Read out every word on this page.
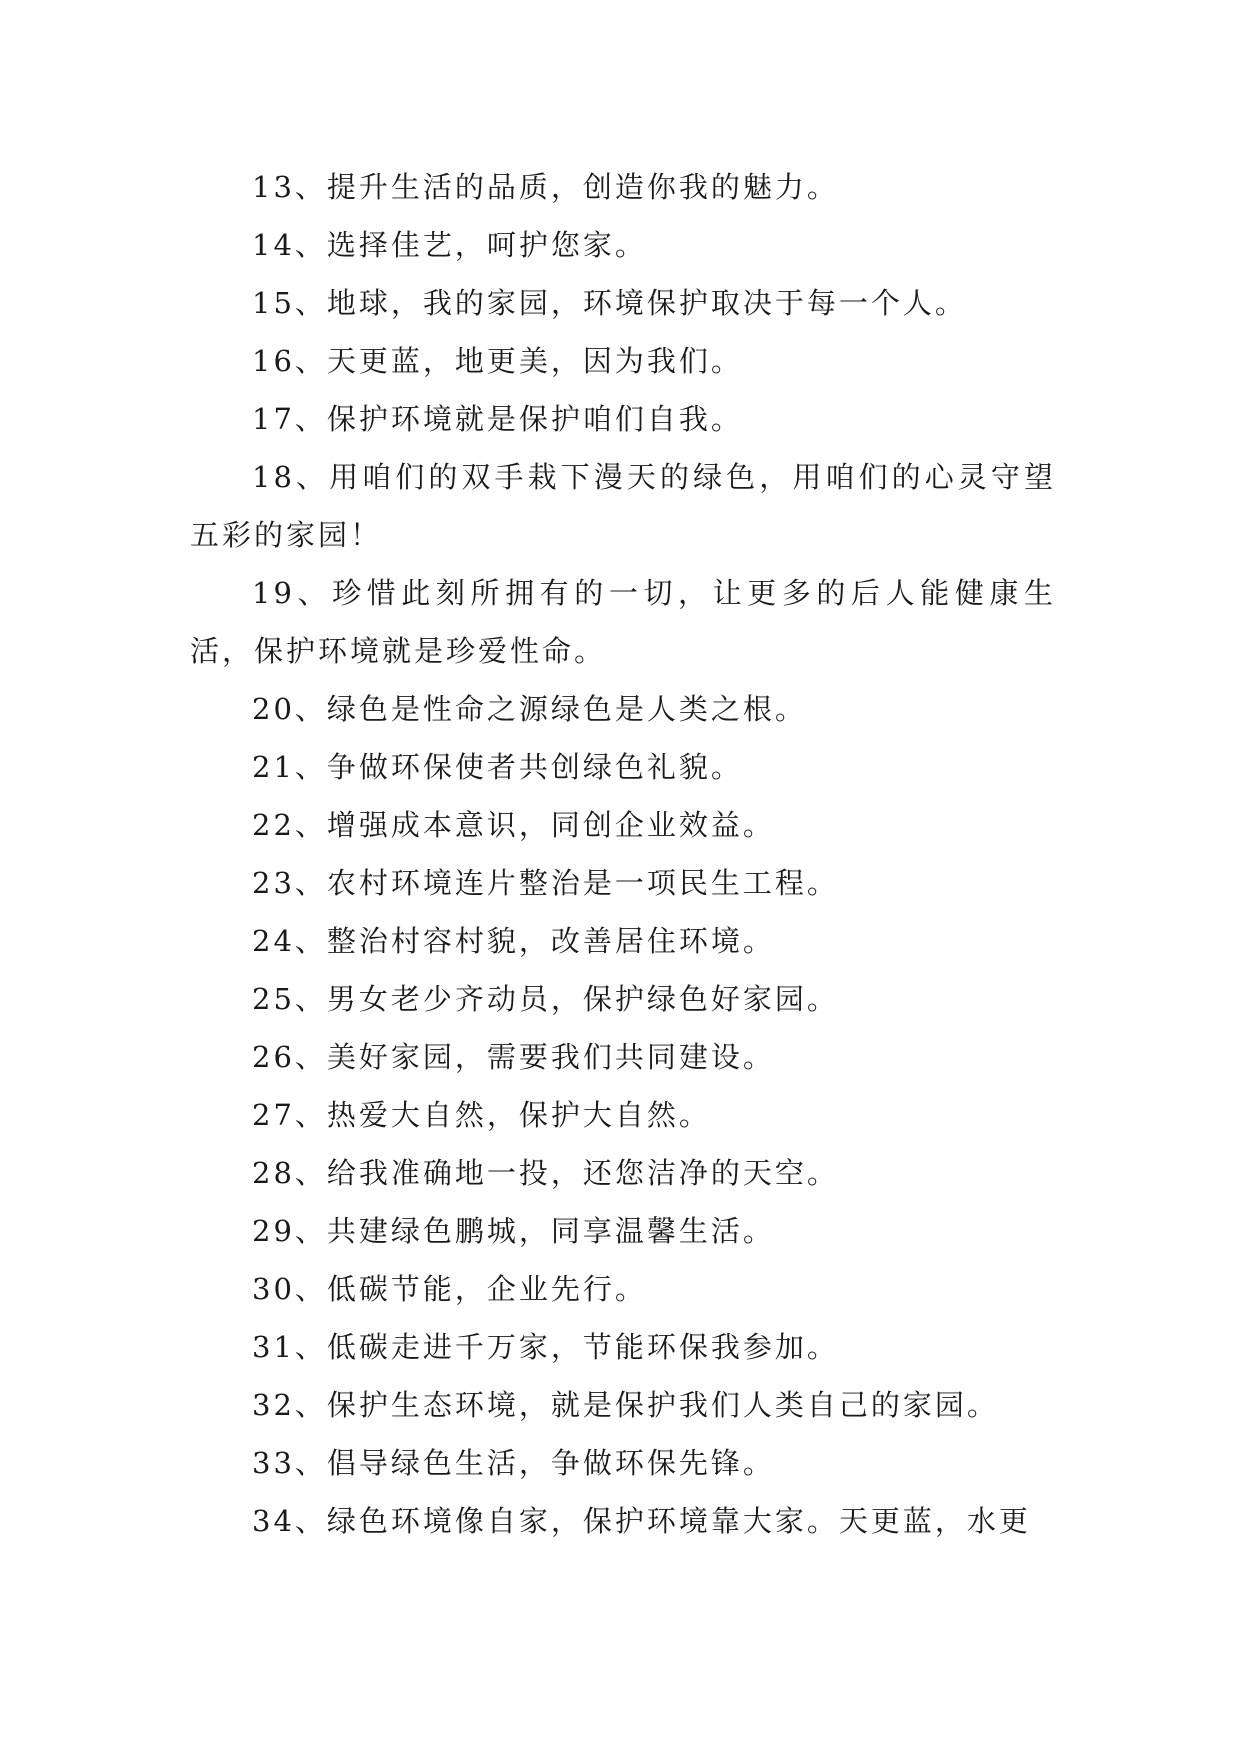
13、提升生活的品质，创造你我的魅力。

14、选择佳艺，呵护您家。

15、地球，我的家园，环境保护取决于每一个人。

16、天更蓝，地更美，因为我们。

17、保护环境就是保护咱们自我。

18、用咱们的双手栽下漫天的绿色，用咱们的心灵守望五彩的家园！

19、珍惜此刻所拥有的一切，让更多的后人能健康生活，保护环境就是珍爱性命。

20、绿色是性命之源绿色是人类之根。

21、争做环保使者共创绿色礼貌。

22、增强成本意识，同创企业效益。

23、农村环境连片整治是一项民生工程。

24、整治村容村貌，改善居住环境。

25、男女老少齐动员，保护绿色好家园。

26、美好家园，需要我们共同建设。

27、热爱大自然，保护大自然。

28、给我准确地一投，还您洁净的天空。

29、共建绿色鹏城，同享温馨生活。

30、低碳节能，企业先行。

31、低碳走进千万家，节能环保我参加。

32、保护生态环境，就是保护我们人类自己的家园。

33、倡导绿色生活，争做环保先锋。

34、绿色环境像自家，保护环境靠大家。天更蓝，水更
